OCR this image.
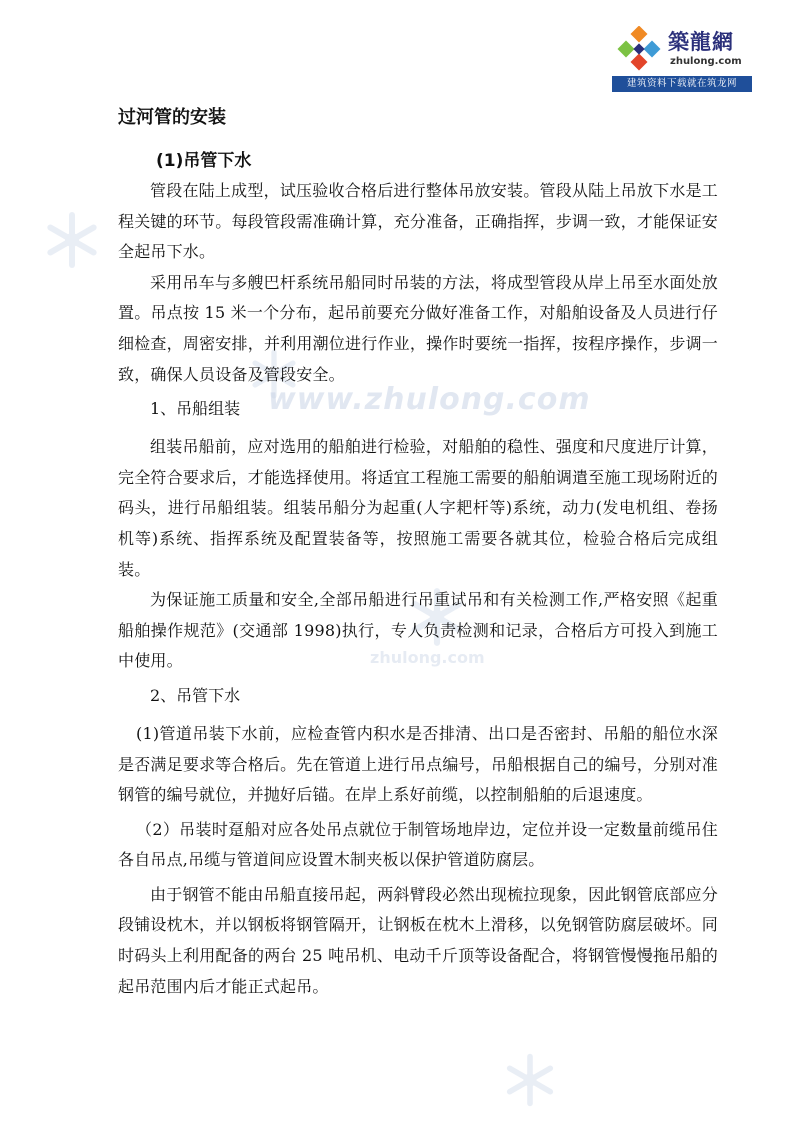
築龍網
zhulong.com
建筑资料下载就在筑龙网
www.zhulong.com
zhulong.com
过河管的安装
(1)吊管下水

管段在陆上成型，试压验收合格后进行整体吊放安装。管段从陆上吊放下水是工程关键的环节。每段管段需准确计算，充分准备，正确指挥，步调一致，才能保证安全起吊下水。

采用吊车与多艘巴杆系统吊船同时吊装的方法，将成型管段从岸上吊至水面处放置。吊点按 15 米一个分布，起吊前要充分做好准备工作，对船舶设备及人员进行仔细检查，周密安排，并利用潮位进行作业，操作时要统一指挥，按程序操作，步调一致，确保人员设备及管段安全。

1、吊船组装

组装吊船前，应对选用的船舶进行检验，对船舶的稳性、强度和尺度进厅计算，完全符合要求后，才能选择使用。将适宜工程施工需要的船舶调遣至施工现场附近的码头，进行吊船组装。组装吊船分为起重(人字耙杆等)系统，动力(发电机组、卷扬机等)系统、指挥系统及配置装备等，按照施工需要各就其位，检验合格后完成组装。

为保证施工质量和安全,全部吊船进行吊重试吊和有关检测工作,严格安照《起重船舶操作规范》(交通部 1998)执行，专人负责检测和记录，合格后方可投入到施工中使用。

2、吊管下水

(1)管道吊装下水前，应检查管内积水是否排清、出口是否密封、吊船的船位水深是否满足要求等合格后。先在管道上进行吊点编号，吊船根据自己的编号，分别对准钢管的编号就位，并抛好后锚。在岸上系好前缆，以控制船舶的后退速度。

（2）吊装时趸船对应各处吊点就位于制管场地岸边，定位并设一定数量前缆吊住各自吊点,吊缆与管道间应设置木制夹板以保护管道防腐层。

由于钢管不能由吊船直接吊起，两斜臂段必然出现梳拉现象，因此钢管底部应分段铺设枕木，并以钢板将钢管隔开，让钢板在枕木上滑移，以免钢管防腐层破坏。同时码头上利用配备的两台 25 吨吊机、电动千斤顶等设备配合，将钢管慢慢拖吊船的起吊范围内后才能正式起吊。
